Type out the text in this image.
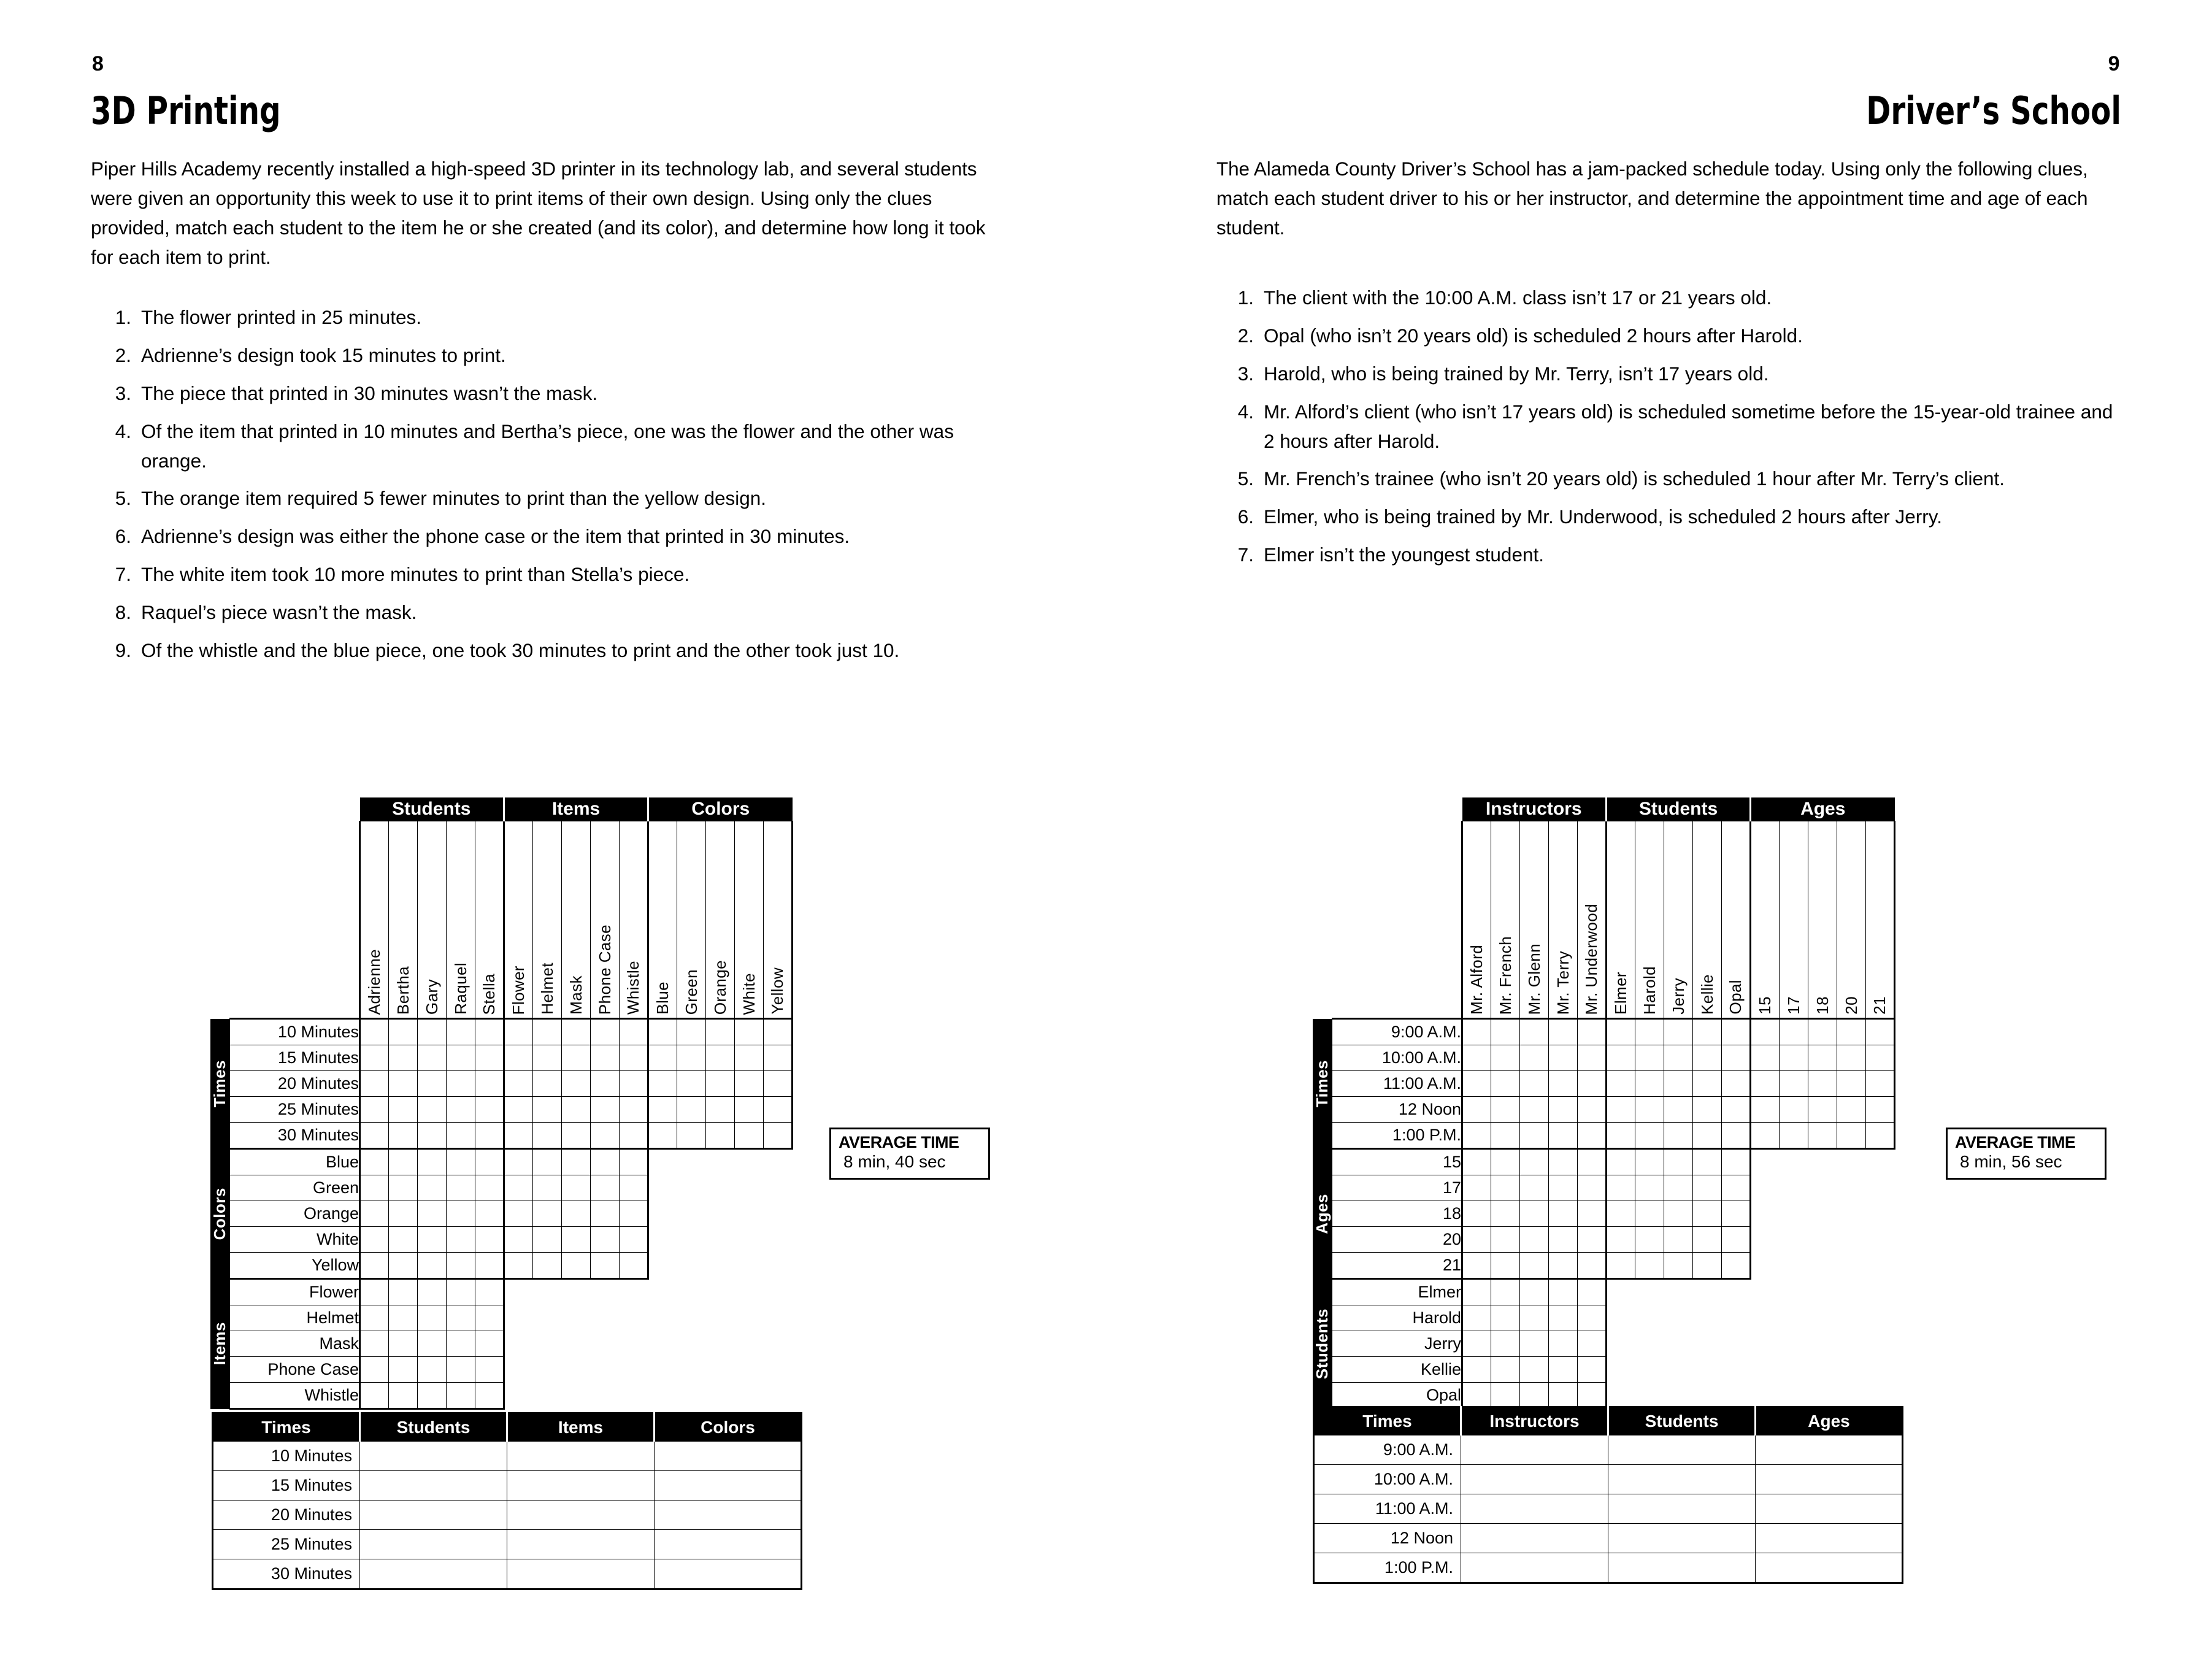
8
3D Printing
Piper Hills Academy recently installed a high-speed 3D printer in its technology lab, and several students were given an opportunity this week to use it to print items of their own design. Using only the clues provided, match each student to the item he or she created (and its color), and determine how long it took for each item to print.
1. The flower printed in 25 minutes.
2. Adrienne’s design took 15 minutes to print.
3. The piece that printed in 30 minutes wasn’t the mask.
4. Of the item that printed in 10 minutes and Bertha’s piece, one was the flower and the other was orange.
5. The orange item required 5 fewer minutes to print than the yellow design.
6. Adrienne’s design was either the phone case or the item that printed in 30 minutes.
7. The white item took 10 more minutes to print than Stella’s piece.
8. Raquel’s piece wasn’t the mask.
9. Of the whistle and the blue piece, one took 30 minutes to print and the other took just 10.
		Students					Items					Colors				
		Adrienne	Bertha	Gary	Raquel	Stella	Flower	Helmet	Mask	Phone Case	Whistle	Blue	Green	Orange	White	Yellow

Times	10 Minutes															
	15 Minutes															
	20 Minutes															
	25 Minutes															
	30 Minutes															

Colors	Blue															
	Green															
	Orange															
	White															
	Yellow															

Items	Flower															
	Helmet															
	Mask															
	Phone Case															
	Whistle															
AVERAGE TIME
8 min, 40 sec
Times	Students	Items	Colors
10 Minutes			
15 Minutes			
20 Minutes			
25 Minutes			
30 Minutes			
9
Driver’s School
The Alameda County Driver’s School has a jam-packed schedule today. Using only the following clues, match each student driver to his or her instructor, and determine the appointment time and age of each student.
1. The client with the 10:00 A.M. class isn’t 17 or 21 years old.
2. Opal (who isn’t 20 years old) is scheduled 2 hours after Harold.
3. Harold, who is being trained by Mr. Terry, isn’t 17 years old.
4. Mr. Alford’s client (who isn’t 17 years old) is scheduled sometime before the 15-year-old trainee and 2 hours after Harold.
5. Mr. French’s trainee (who isn’t 20 years old) is scheduled 1 hour after Mr. Terry’s client.
6. Elmer, who is being trained by Mr. Underwood, is scheduled 2 hours after Jerry.
7. Elmer isn’t the youngest student.
		Instructors					Students					Ages				
		Mr. Alford	Mr. French	Mr. Glenn	Mr. Terry	Mr. Underwood	Elmer	Harold	Jerry	Kellie	Opal	15	17	18	20	21

Times	9:00 A.M.															
	10:00 A.M.															
	11:00 A.M.															
	12 Noon															
	1:00 P.M.															

Ages	15															
	17															
	18															
	20															
	21															

Students	Elmer															
	Harold															
	Jerry															
	Kellie															
	Opal															
AVERAGE TIME
8 min, 56 sec
Times	Instructors	Students	Ages
9:00 A.M.			
10:00 A.M.			
11:00 A.M.			
12 Noon			
1:00 P.M.			
